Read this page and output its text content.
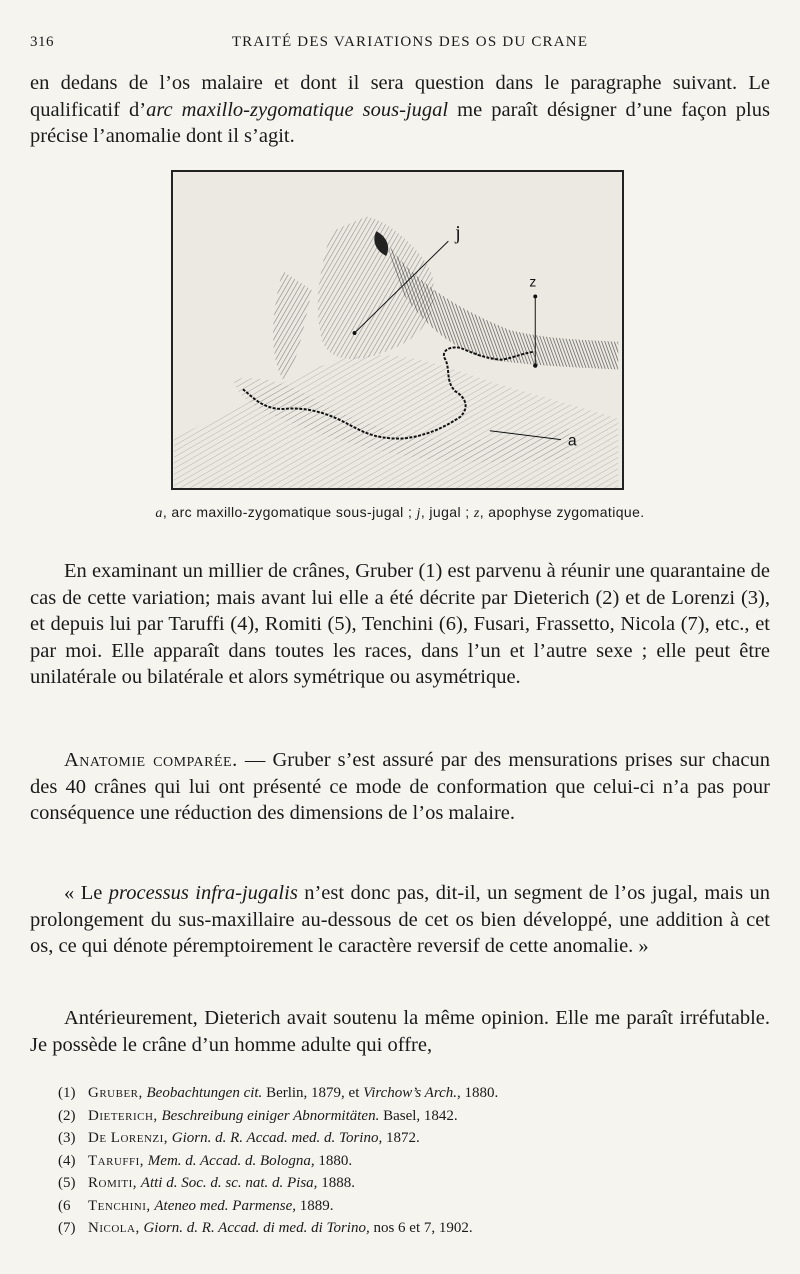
316	TRAITÉ DES VARIATIONS DES OS DU CRANE

en dedans de l’os malaire et dont il sera question dans le paragraphe suivant. Le qualificatif d’arc maxillo-zygomatique sous-jugal me paraît désigner d’une façon plus précise l’anomalie dont il s’agit.

j
z
a
a, arc maxillo-zygomatique sous-jugal ; j, jugal ; z, apophyse zygomatique.

En examinant un millier de crânes, Gruber (1) est parvenu à réunir une quarantaine de cas de cette variation; mais avant lui elle a été décrite par Dieterich (2) et de Lorenzi (3), et depuis lui par Taruffi (4), Romiti (5), Tenchini (6), Fusari, Frassetto, Nicola (7), etc., et par moi. Elle apparaît dans toutes les races, dans l’un et l’autre sexe ; elle peut être unilatérale ou bilatérale et alors symétrique ou asymétrique.

Anatomie comparée. — Gruber s’est assuré par des mensurations prises sur chacun des 40 crânes qui lui ont présenté ce mode de conformation que celui-ci n’a pas pour conséquence une réduction des dimensions de l’os malaire.

« Le processus infra-jugalis n’est donc pas, dit-il, un segment de l’os jugal, mais un prolongement du sus-maxillaire au-dessous de cet os bien développé, une addition à cet os, ce qui dénote péremptoirement le caractère reversif de cette anomalie. »

Antérieurement, Dieterich avait soutenu la même opinion. Elle me paraît irréfutable. Je possède le crâne d’un homme adulte qui offre,

(1) Gruber, Beobachtungen cit. Berlin, 1879, et Virchow’s Arch., 1880.
(2) Dieterich, Beschreibung einiger Abnormitäten. Basel, 1842.
(3) De Lorenzi, Giorn. d. R. Accad. med. d. Torino, 1872.
(4) Taruffi, Mem. d. Accad. d. Bologna, 1880.
(5) Romiti, Atti d. Soc. d. sc. nat. d. Pisa, 1888.
(6 Tenchini, Ateneo med. Parmense, 1889.
(7) Nicola, Giorn. d. R. Accad. di med. di Torino, nos 6 et 7, 1902.
